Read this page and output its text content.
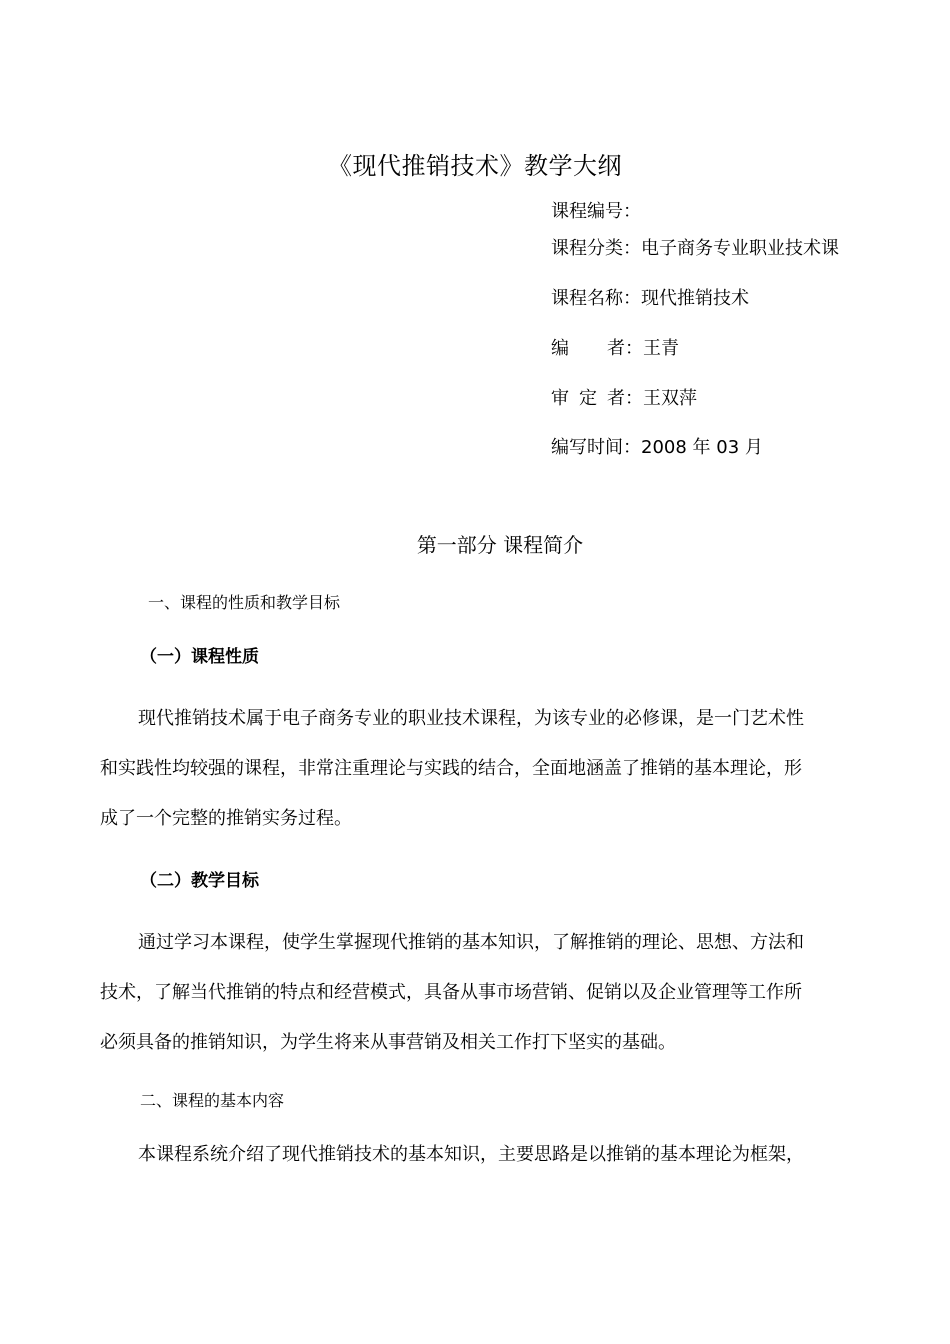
《现代推销技术》教学大纲
课程编号：
课程分类：电子商务专业职业技术课
课程名称：现代推销技术
编者：王青
审定者：王双萍
编写时间：2008 年 03 月
第一部分 课程简介
一、课程的性质和教学目标
（一）课程性质
现代推销技术属于电子商务专业的职业技术课程，为该专业的必修课，是一门艺术性
和实践性均较强的课程，非常注重理论与实践的结合，全面地涵盖了推销的基本理论，形
成了一个完整的推销实务过程。
（二）教学目标
通过学习本课程，使学生掌握现代推销的基本知识，了解推销的理论、思想、方法和
技术，了解当代推销的特点和经营模式，具备从事市场营销、促销以及企业管理等工作所
必须具备的推销知识，为学生将来从事营销及相关工作打下坚实的基础。
二、课程的基本内容
本课程系统介绍了现代推销技术的基本知识，主要思路是以推销的基本理论为框架，
